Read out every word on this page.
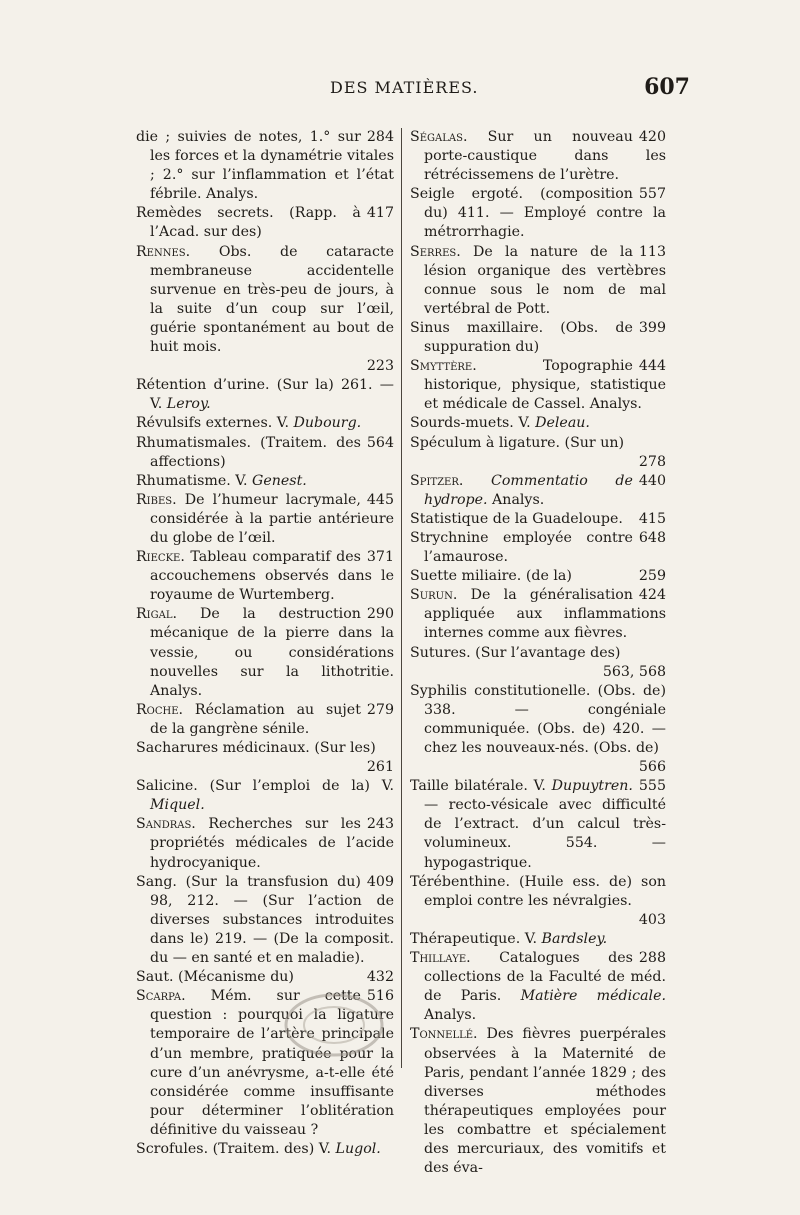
DES MATIÈRES.	607

284
die ; suivies de notes, 1.° sur les forces et la dynamétrie vitales ; 2.° sur l’inflammation et l’état fébrile. Analys.

417
Remèdes secrets. (Rapp. à l’Acad. sur des)

Rennes. Obs. de cataracte membraneuse accidentelle survenue en très-peu de jours, à la suite d’un coup sur l’œil, guérie spontanément au bout de huit mois.
223

Rétention d’urine. (Sur la) 261. — V. Leroy.

Révulsifs externes. V. Dubourg.

564
Rhumatismales. (Traitem. des affections)

Rhumatisme. V. Genest.

445
Ribes. De l’humeur lacrymale, considérée à la partie antérieure du globe de l’œil.

371
Riecke. Tableau comparatif des accouchemens observés dans le royaume de Wurtemberg.

290
Rigal. De la destruction mécanique de la pierre dans la vessie, ou considérations nouvelles sur la lithotritie. Analys.

279
Roche. Réclamation au sujet de la gangrène sénile.

Sacharures médicinaux. (Sur les)
261

Salicine. (Sur l’emploi de la) V. Miquel.

243
Sandras. Recherches sur les propriétés médicales de l’acide hydrocyanique.

409
Sang. (Sur la transfusion du) 98, 212. — (Sur l’action de diverses substances introduites dans le) 219. — (De la composit. du — en santé et en maladie).

432
Saut. (Mécanisme du)

516
Scarpa. Mém. sur cette question : pourquoi la ligature temporaire de l’artère principale d’un membre, pratiquée pour la cure d’un anévrysme, a-t-elle été considérée comme insuffisante pour déterminer l’oblitération définitive du vaisseau ?

Scrofules. (Traitem. des) V. Lugol.

420
Ségalas. Sur un nouveau porte-caustique dans les rétrécissemens de l’urètre.

557
Seigle ergoté. (composition du) 411. — Employé contre la métrorrhagie.

113
Serres. De la nature de la lésion organique des vertèbres connue sous le nom de mal vertébral de Pott.

399
Sinus maxillaire. (Obs. de suppuration du)

444
Smyttère. Topographie historique, physique, statistique et médicale de Cassel. Analys.

Sourds-muets. V. Deleau.

Spéculum à ligature. (Sur un)
278

440
Spitzer. Commentatio de hydrope. Analys.

415
Statistique de la Guadeloupe.

648
Strychnine employée contre l’amaurose.

259
Suette miliaire. (de la)

424
Surun. De la généralisation appliquée aux inflammations internes comme aux fièvres.

Sutures. (Sur l’avantage des)
563, 568

Syphilis constitutionelle. (Obs. de) 338. — congéniale communiquée. (Obs. de) 420. — chez les nouveaux-nés. (Obs. de)
566

555
Taille bilatérale. V. Dupuytren. — recto-vésicale avec difficulté de l’extract. d’un calcul très-volumineux. 554. — hypogastrique.

Térébenthine. (Huile ess. de) son emploi contre les névralgies.
403

Thérapeutique. V. Bardsley.

288
Thillaye. Catalogues des collections de la Faculté de méd. de Paris. Matière médicale. Analys.

Tonnellé. Des fièvres puerpérales observées à la Maternité de Paris, pendant l’année 1829 ; des diverses méthodes thérapeutiques employées pour les combattre et spécialement des mercuriaux, des vomitifs et des éva-
